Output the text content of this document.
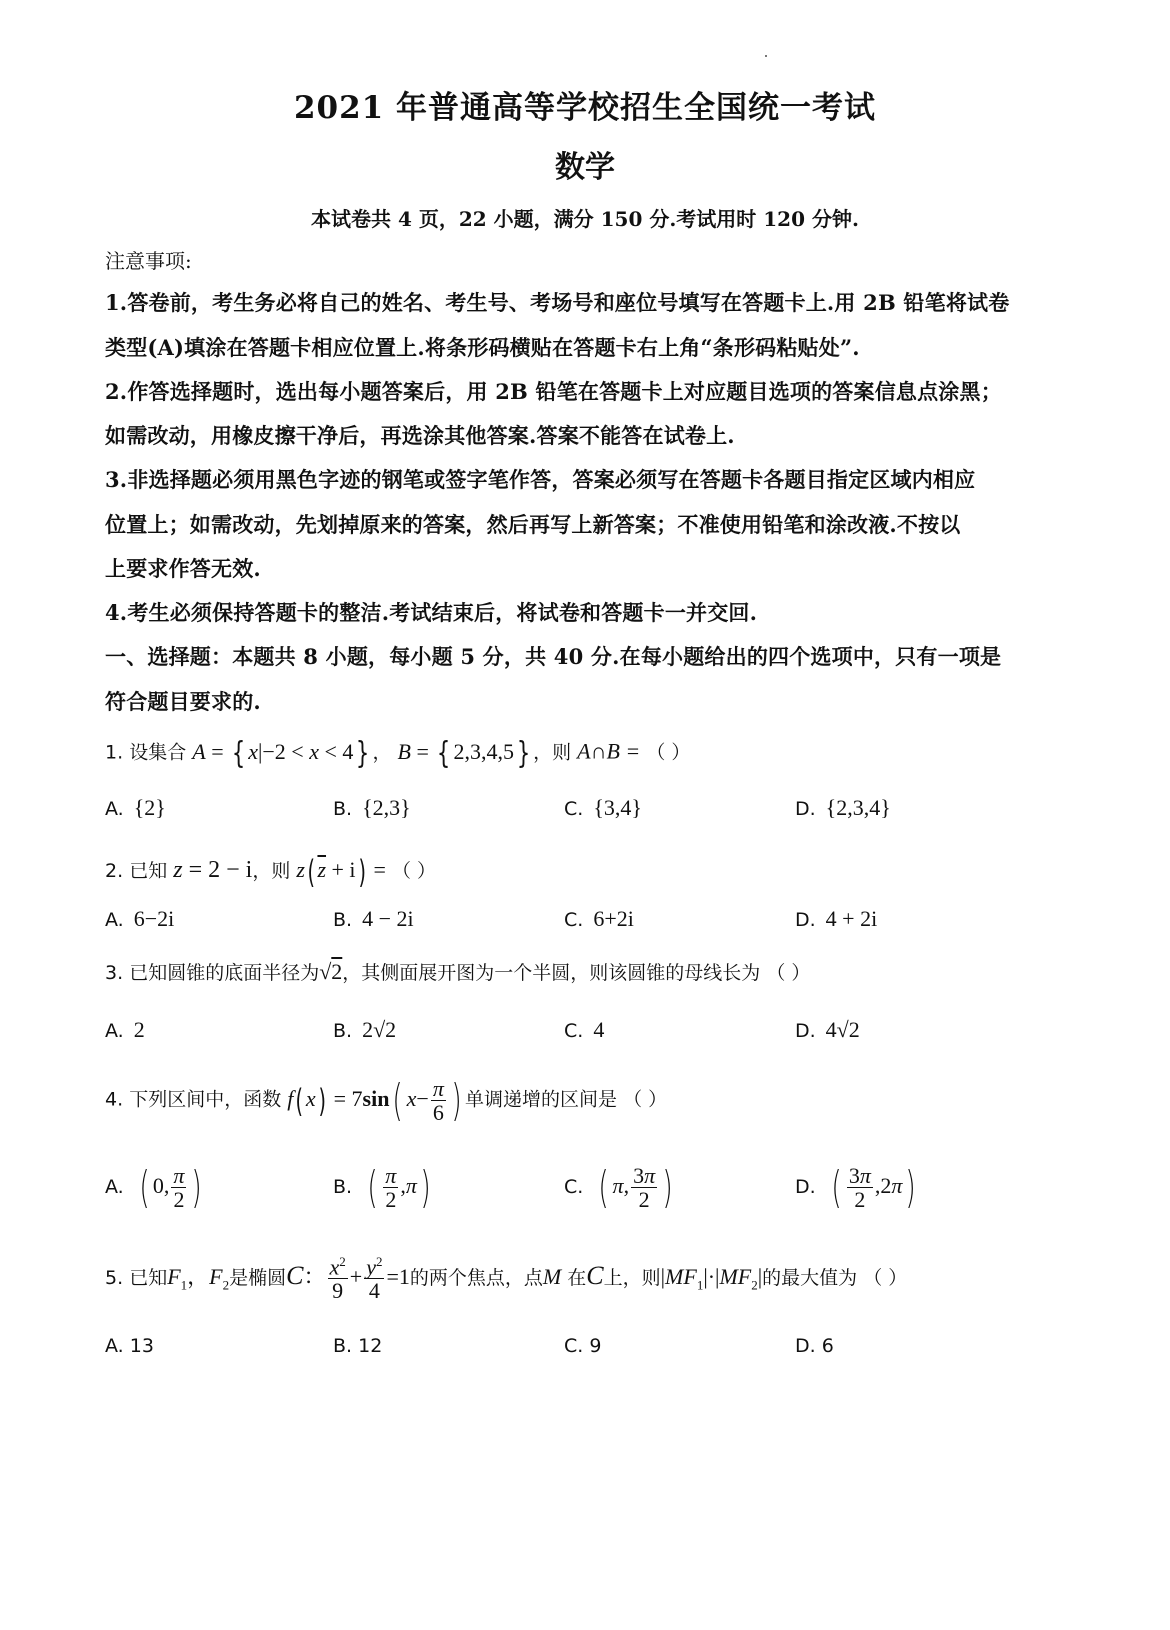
2021 年普通高等学校招生全国统一考试
数学
本试卷共 4 页，22 小题，满分 150 分.考试用时 120 分钟.
注意事项:
1.答卷前，考生务必将自己的姓名、考生号、考场号和座位号填写在答题卡上.用 2B 铅笔将试卷
类型(A)填涂在答题卡相应位置上.将条形码横贴在答题卡右上角“条形码粘贴处”.
2.作答选择题时，选出每小题答案后，用 2B 铅笔在答题卡上对应题目选项的答案信息点涂黑；
如需改动，用橡皮擦干净后，再选涂其他答案.答案不能答在试卷上.
3.非选择题必须用黑色字迹的钢笔或签字笔作答，答案必须写在答题卡各题目指定区域内相应
位置上；如需改动，先划掉原来的答案，然后再写上新答案；不准使用铅笔和涂改液.不按以
上要求作答无效.
4.考生必须保持答题卡的整洁.考试结束后，将试卷和答题卡一并交回.
一、选择题：本题共 8 小题，每小题 5 分，共 40 分.在每小题给出的四个选项中，只有一项是
符合题目要求的.
1. 设集合 A = { x|−2 < x < 4} ， B = { 2,3,4,5} ，则 A∩B = （ ）
A. {2}	B. {2,3}	C. {3,4}	D. {2,3,4}
2. 已知 z = 2 − i，则 z( $\overline{z} + i$) = （ ）
A. 6−2i	B. 4 − 2i	C. 6+2i	D. 4 + 2i
3. 已知圆锥的底面半径为√2，其侧面展开图为一个半圆，则该圆锥的母线长为 （ ）
A. 2	B. 2√2	C. 4	D. 4√2
4. 下列区间中，函数 f( x) = 7sin( $x- \frac{\pi}{6}$ ) 单调递增的区间是 （ ）
A. ( 0, $\frac{\pi}{2}$ )	B. ( $\frac{\pi}{2} ,\pi$)	C. ( π, $\frac{3\pi}{2}$ )	D. ( $\frac{3\pi}{2} ,2\pi$)
5. 已知$F_1$，$F_2$是椭圆C： $\frac{x^2}{9} + \frac{y^2}{4} =1$的两个焦点，点M 在C上，则$|MF_1|\cdot|MF_2|$的最大值为 （ ）
A. 13	B. 12	C. 9	D. 6
